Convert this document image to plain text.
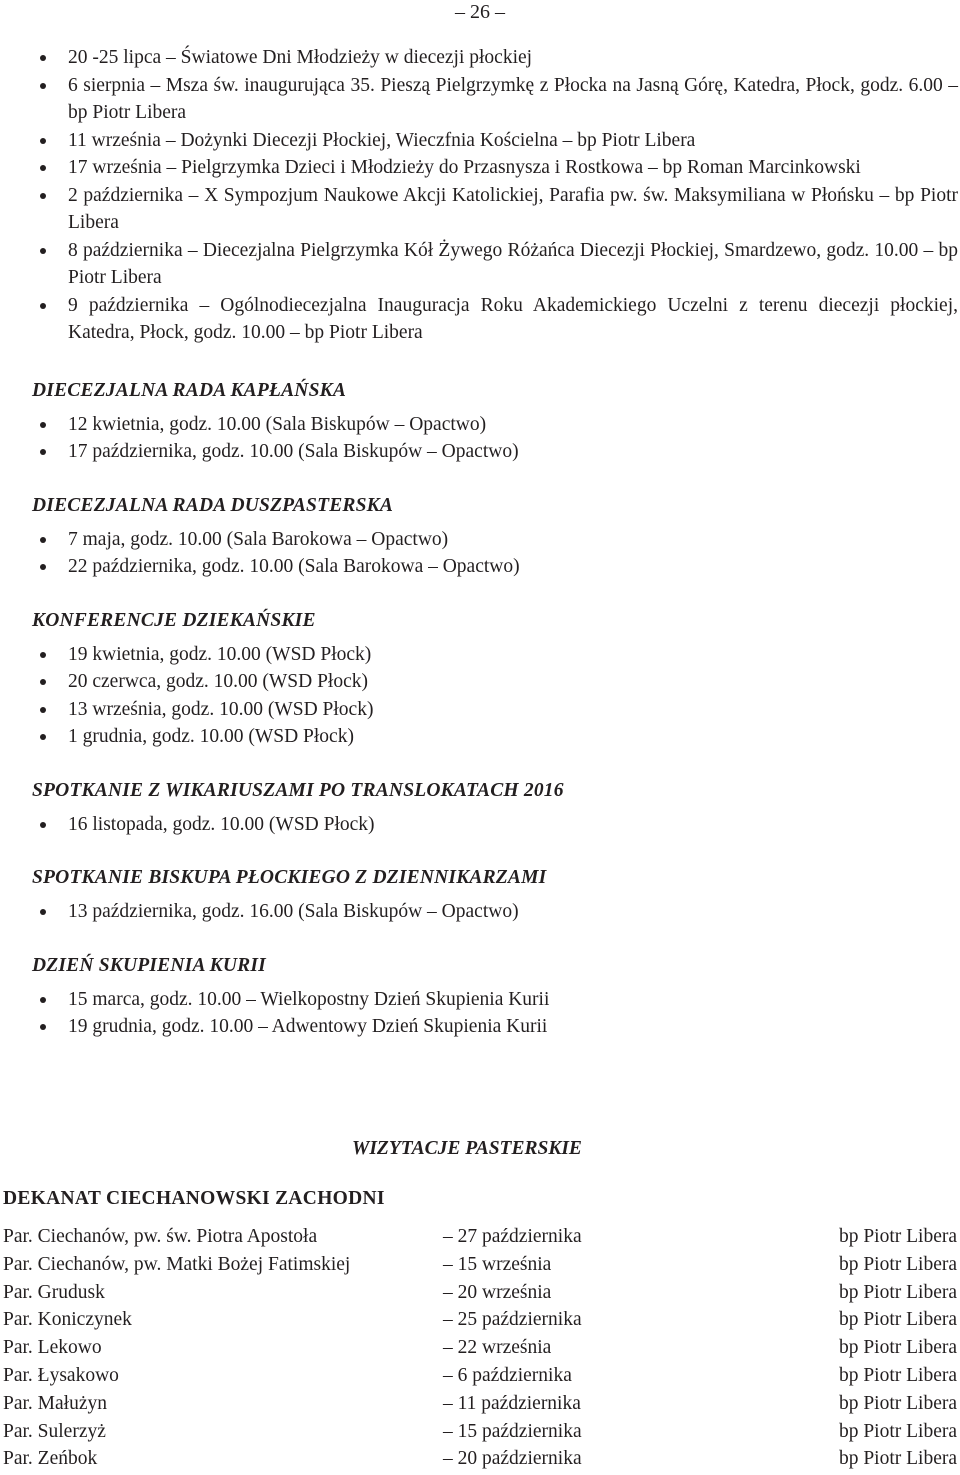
– 26 –
20 -25 lipca – Światowe Dni Młodzieży w diecezji płockiej
6 sierpnia – Msza św. inaugurująca 35. Pieszą Pielgrzymkę z Płocka na Jasną Górę, Katedra, Płock, godz. 6.00 – bp Piotr Libera
11 września – Dożynki Diecezji Płockiej, Wieczfnia Kościelna – bp Piotr Libera
17 września – Pielgrzymka Dzieci i Młodzieży do Przasnysza i Rostkowa – bp Roman Marcinkowski
2 października – X Sympozjum Naukowe Akcji Katolickiej, Parafia pw. św. Maksymiliana w Płońsku – bp Piotr Libera
8 października – Diecezjalna Pielgrzymka Kół Żywego Różańca Diecezji Płockiej, Smardzewo, godz. 10.00 – bp Piotr Libera
9 października – Ogólnodiecezjalna Inauguracja Roku Akademickiego Uczelni z terenu diecezji płockiej, Katedra, Płock, godz. 10.00 – bp Piotr Libera
DIECEZJALNA RADA KAPŁAŃSKA
12 kwietnia, godz. 10.00 (Sala Biskupów – Opactwo)
17 października, godz. 10.00 (Sala Biskupów – Opactwo)
DIECEZJALNA RADA DUSZPASTERSKA
7 maja, godz. 10.00 (Sala Barokowa – Opactwo)
22 października, godz. 10.00 (Sala Barokowa – Opactwo)
KONFERENCJE DZIEKAŃSKIE
19 kwietnia, godz. 10.00 (WSD Płock)
20 czerwca, godz. 10.00 (WSD Płock)
13 września, godz. 10.00 (WSD Płock)
1 grudnia, godz. 10.00 (WSD Płock)
SPOTKANIE Z WIKARIUSZAMI PO TRANSLOKATACH 2016
16 listopada, godz. 10.00 (WSD Płock)
SPOTKANIE BISKUPA PŁOCKIEGO Z DZIENNIKARZAMI
13 października, godz. 16.00 (Sala Biskupów – Opactwo)
DZIEŃ SKUPIENIA KURII
15 marca, godz. 10.00 – Wielkopostny Dzień Skupienia Kurii
19 grudnia, godz. 10.00 – Adwentowy Dzień Skupienia Kurii
WIZYTACJE PASTERSKIE
DEKANAT CIECHANOWSKI ZACHODNI
Par. Ciechanów, pw. św. Piotra Apostoła	– 27 października	bp Piotr Libera
Par. Ciechanów, pw. Matki Bożej Fatimskiej	– 15 września	bp Piotr Libera
Par. Grudusk	– 20 września	bp Piotr Libera
Par. Koniczynek	– 25 października	bp Piotr Libera
Par. Lekowo	– 22 września	bp Piotr Libera
Par. Łysakowo	– 6 października	bp Piotr Libera
Par. Małużyn	– 11 października	bp Piotr Libera
Par. Sulerzyż	– 15 października	bp Piotr Libera
Par. Zeńbok	– 20 października	bp Piotr Libera
